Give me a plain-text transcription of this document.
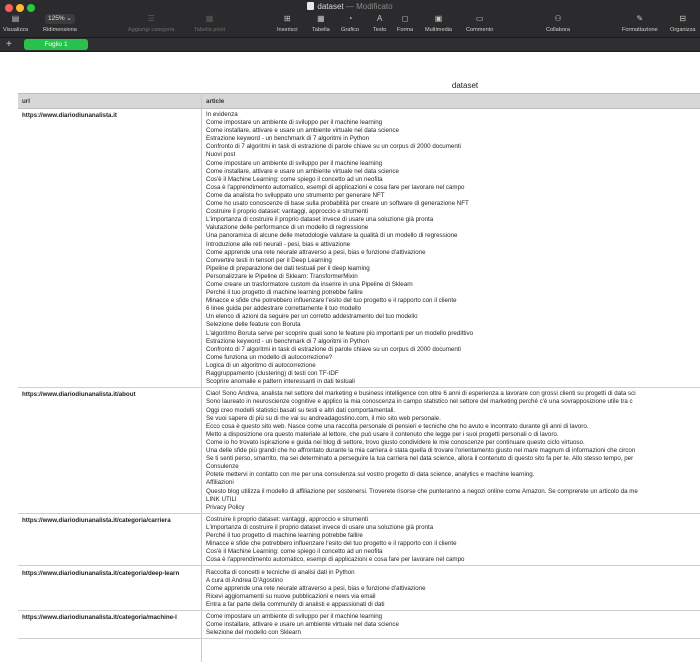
dataset — Modificato
▤
Visualizza
125% ⌄
Ridimensiona
☰
Aggiungi categoria
▦
Tabella pivot
⊞
Inserisci
▦
Tabella
◔
Grafico
A
Testo
◻
Forma
▣
Multimedia
▭
Commento
⚇
Collabora
✎
Formattazione
⊟
Organizza
+	Foglio 1
dataset
url	article
https://www.diariodiunanalista.it	In evidenza
Come impostare un ambiente di sviluppo per il machine learning
Come installare, attivare e usare un ambiente virtuale nel data science
Estrazione keyword - un benchmark di 7 algoritmi in Python
Confronto di 7 algoritmi in task di estrazione di parole chiave su un corpus di 2000 documenti
Nuovi post
Come impostare un ambiente di sviluppo per il machine learning
Come installare, attivare e usare un ambiente virtuale nel data science
Cos'è il Machine Learning: come spiego il concetto ad un neofita
Cosa è l'apprendimento automatico, esempi di applicazioni e cosa fare per lavorare nel campo
Come da analista ho sviluppato uno strumento per generare NFT
Come ho usato conoscenze di base sulla probabilità per creare un software di generazione NFT
Costruire il proprio dataset: vantaggi, approccio e strumenti
L'importanza di costruire il proprio dataset invece di usare una soluzione già pronta
Valutazione delle performance di un modello di regressione
Una panoramica di alcune delle metodologie valutare la qualità di un modello di regressione
Introduzione alle reti neurali - pesi, bias e attivazione
Come apprende una rete neurale attraverso a pesi, bias e funzione d'attivazione
Convertire testi in tensori per il Deep Learning
Pipeline di preparazione dei dati testuali per il deep learning
Personalizzare le Pipeline di Sklearn: TransformerMixin
Come creare un trasformatore custom da inserire in una Pipeline di Sklearn
Perché il tuo progetto di machine learning potrebbe fallire
Minacce e sfide che potrebbero influenzare l'esito del tuo progetto e il rapporto con il cliente
6 linee guida per addestrare correttamente il tuo modello
Un elenco di azioni da seguire per un corretto addestramento del tuo modello
Selezione delle feature con Boruta
L'algoritmo Boruta serve per scoprire quali sono le feature più importanti per un modello predittivo
Estrazione keyword - un benchmark di 7 algoritmi in Python
Confronto di 7 algoritmi in task di estrazione di parole chiave su un corpus di 2000 documenti
Come funziona un modello di autocorrezione?
Logica di un algoritmo di autocorrezione
Raggruppamento (clustering) di testi con TF-IDF
Scoprire anomalie e pattern interessanti in dati testuali
https://www.diariodiunanalista.it/about	Ciao! Sono Andrea, analista nel settore del marketing e business intelligence con oltre 6 anni di esperienza a lavorare con grossi clienti su progetti di data sci
Sono laureato in neuroscienze cognitive e applico la mia conoscenza in campo statistico nel settore del marketing perché c'è una sovrapposizione utile tra c
Oggi creo modelli statistici basati su testi e altri dati comportamentali.
Se vuoi sapere di più su di me vai su andreadagostino.com, il mio sito web personale.
Ecco cosa è questo sito web. Nasce come una raccolta personale di pensieri e tecniche che ho avuto e incontrato durante gli anni di lavoro.
Metto a disposizione ora questo materiale al lettore, che può usare il contenuto che legge per i suoi progetti personali o di lavoro.
Come io ho trovato ispirazione e guida nei blog di settore, trovo giusto condividere le mie conoscenze per continuare questo ciclo virtuoso.
Una delle sfide più grandi che ho affrontato durante la mia carriera è stata quella di trovare l'orientamento giusto nel mare magnum di informazioni che circon
Se ti senti perso, smarrito, ma sei determinato a perseguire la tua carriera nel data science, allora il contenuto di questo sito fa per te. Allo stesso tempo, per
Consulenze
Potete mettervi in contatto con me per una consulenza sul vostro progetto di data science, analytics e machine learning.
Affiliazioni
Questo blog utilizza il modello di affiliazione per sostenersi. Troverete risorse che punteranno a negozi online come Amazon. Se comprerete un articolo da me
LINK UTILI
Privacy Policy
https://www.diariodiunanalista.it/categoria/carriera	Costruire il proprio dataset: vantaggi, approccio e strumenti
L'importanza di costruire il proprio dataset invece di usare una soluzione già pronta
Perché il tuo progetto di machine learning potrebbe fallire
Minacce e sfide che potrebbero influenzare l'esito del tuo progetto e il rapporto con il cliente
Cos'è il Machine Learning: come spiego il concetto ad un neofita
Cosa è l'apprendimento automatico, esempi di applicazioni e cosa fare per lavorare nel campo
https://www.diariodiunanalista.it/categoria/deep-learn	Raccolta di concetti e tecniche di analisi dati in Python
A cura di Andrea D'Agostino
Come apprende una rete neurale attraverso a pesi, bias e funzione d'attivazione
Ricevi aggiornamenti su nuove pubblicazioni e news via email
Entra a far parte della community di analisti e appassionati di dati
https://www.diariodiunanalista.it/categoria/machine-l	Come impostare un ambiente di sviluppo per il machine learning
Come installare, attivare e usare un ambiente virtuale nel data science
Selezione del modello con Sklearn
